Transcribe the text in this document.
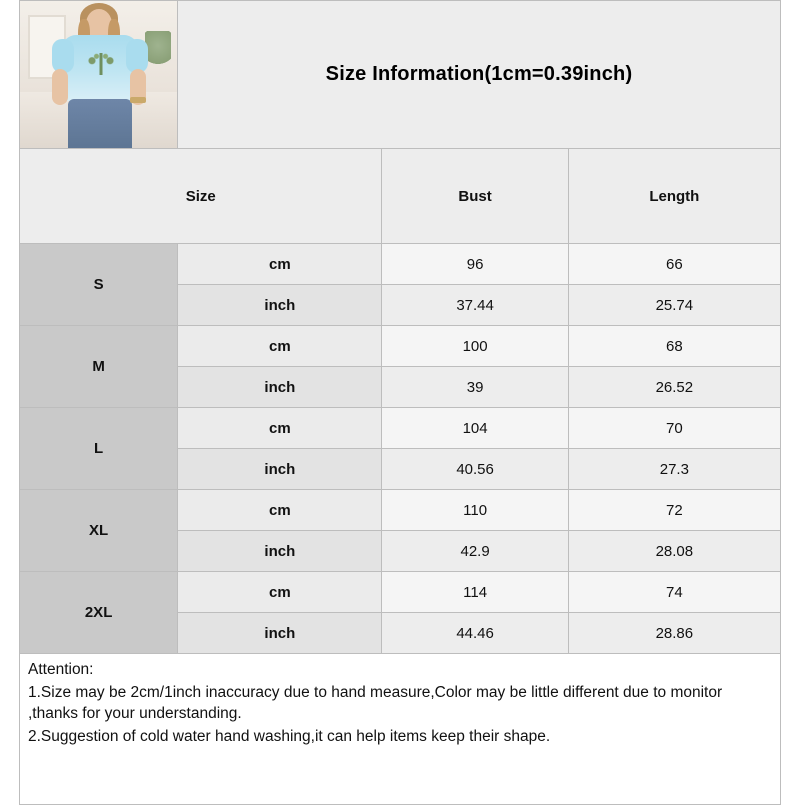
Size Information(1cm=0.39inch)
Size		Bust	Length
S	cm	96	66
	inch	37.44	25.74
M	cm	100	68
	inch	39	26.52
L	cm	104	70
	inch	40.56	27.3
XL	cm	110	72
	inch	42.9	28.08
2XL	cm	114	74
	inch	44.46	28.86

Attention:

1.Size may be 2cm/1inch inaccuracy due to hand measure,Color may be little different due to monitor ,thanks for your understanding.

2.Suggestion of cold water hand washing,it can help items keep their shape.
